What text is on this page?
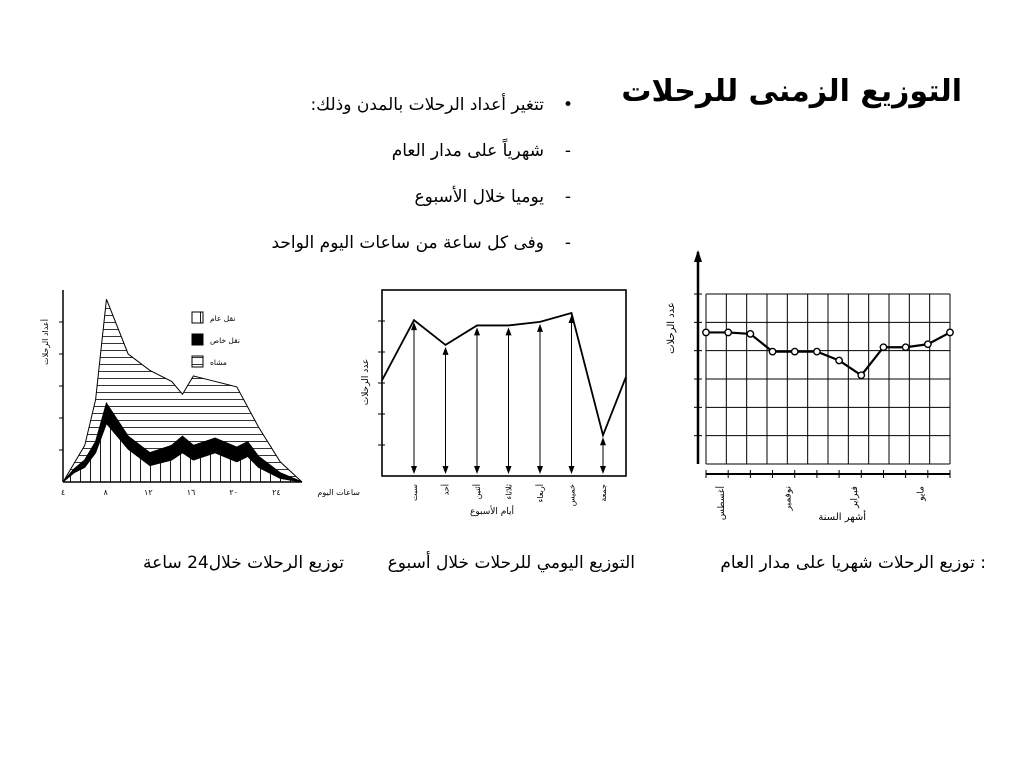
التوزيع الزمنى للرحلات
•
تتغير أعداد الرحلات بالمدن وذلك:
-
شهرياً على مدار العام
-
يوميا خلال الأسبوع
-
وفى كل ساعة من ساعات اليوم الواحد
٤	٨	١٢	١٦	٢٠	٢٤
أعداد الرحلات
ساعات اليوم
نقل عام
نقل خاص
مشاه
سبت	أحد	أثنين	ثلاثاء	أربعاء	خميس	جمعة
عدد الرحلات
أيام الأسبوع
عدد الرحلات
أغسطس	نوفمبر	فبراير	مايو
أشهر السنة
: توزيع الرحلات شهريا على مدار العام
التوزيع اليومي للرحلات خلال أسبوع
توزيع الرحلات خلال24 ساعة
